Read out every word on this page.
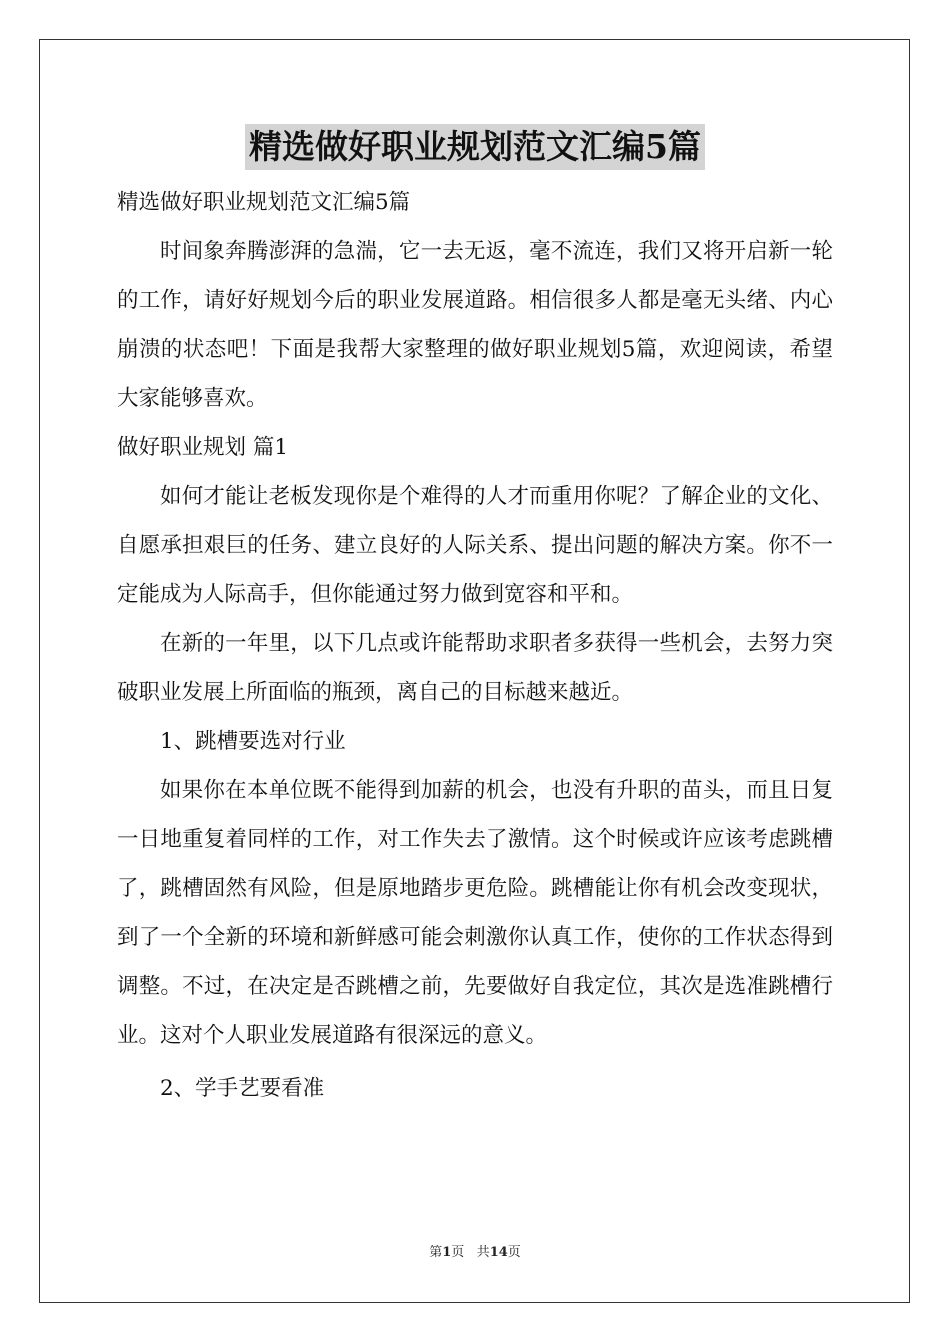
精选做好职业规划范文汇编5篇

精选做好职业规划范文汇编5篇

时间象奔腾澎湃的急湍，它一去无返，毫不流连，我们又将开启新一轮的工作，请好好规划今后的职业发展道路。相信很多人都是毫无头绪、内心崩溃的状态吧！下面是我帮大家整理的做好职业规划5篇，欢迎阅读，希望大家能够喜欢。

做好职业规划 篇1

如何才能让老板发现你是个难得的人才而重用你呢？了解企业的文化、自愿承担艰巨的任务、建立良好的人际关系、提出问题的解决方案。你不一定能成为人际高手，但你能通过努力做到宽容和平和。

在新的一年里，以下几点或许能帮助求职者多获得一些机会，去努力突破职业发展上所面临的瓶颈，离自己的目标越来越近。

1、跳槽要选对行业

如果你在本单位既不能得到加薪的机会，也没有升职的苗头，而且日复一日地重复着同样的工作，对工作失去了激情。这个时候或许应该考虑跳槽了，跳槽固然有风险，但是原地踏步更危险。跳槽能让你有机会改变现状，到了一个全新的环境和新鲜感可能会刺激你认真工作，使你的工作状态得到调整。不过，在决定是否跳槽之前，先要做好自我定位，其次是选准跳槽行业。这对个人职业发展道路有很深远的意义。

2、学手艺要看准

第1页 共14页
